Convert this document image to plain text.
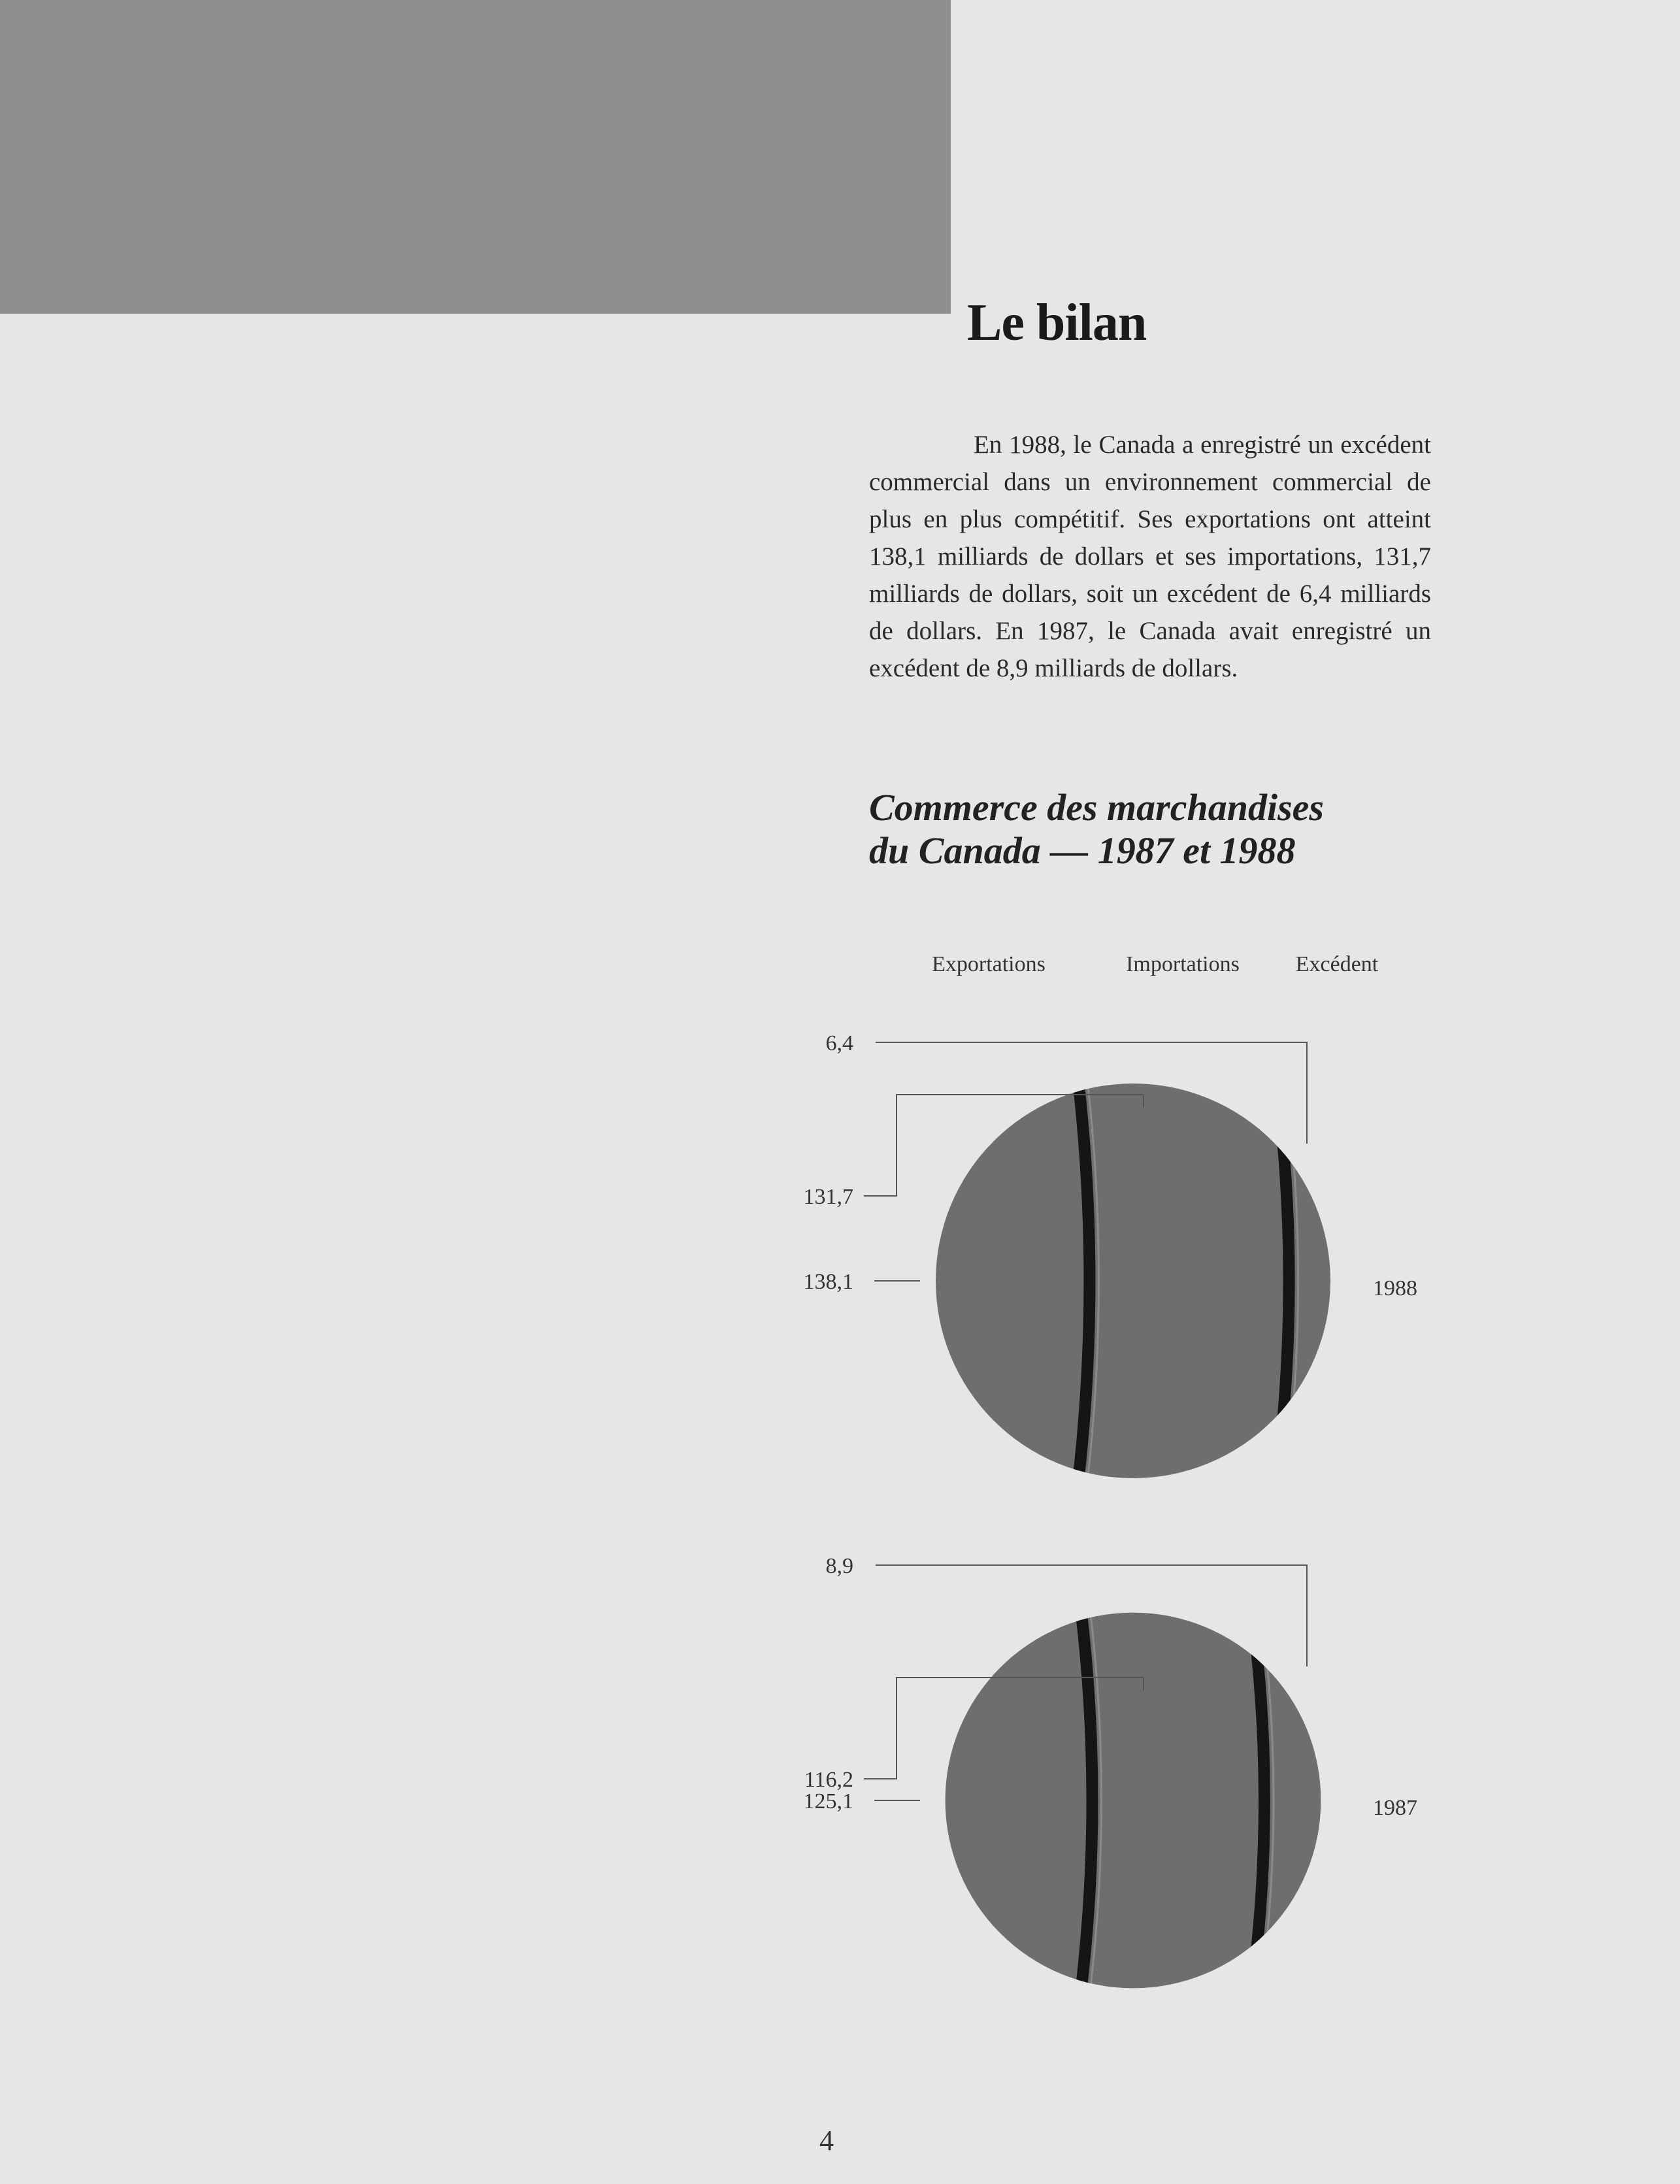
Le bilan

En 1988, le Canada a enregistré un excédent commercial dans un environnement commercial de plus en plus compétitif. Ses exportations ont atteint 138,1 milliards de dollars et ses importations, 131,7 milliards de dollars, soit un excédent de 6,4 milliards de dollars. En 1987, le Canada avait enregistré un excédent de 8,9 milliards de dollars.

Commerce des marchandises
du Canada — 1987 et 1988
Exportations	Importations	Excédent
6,4
131,7
138,1	1988
8,9
116,2
125,1	1987
4
